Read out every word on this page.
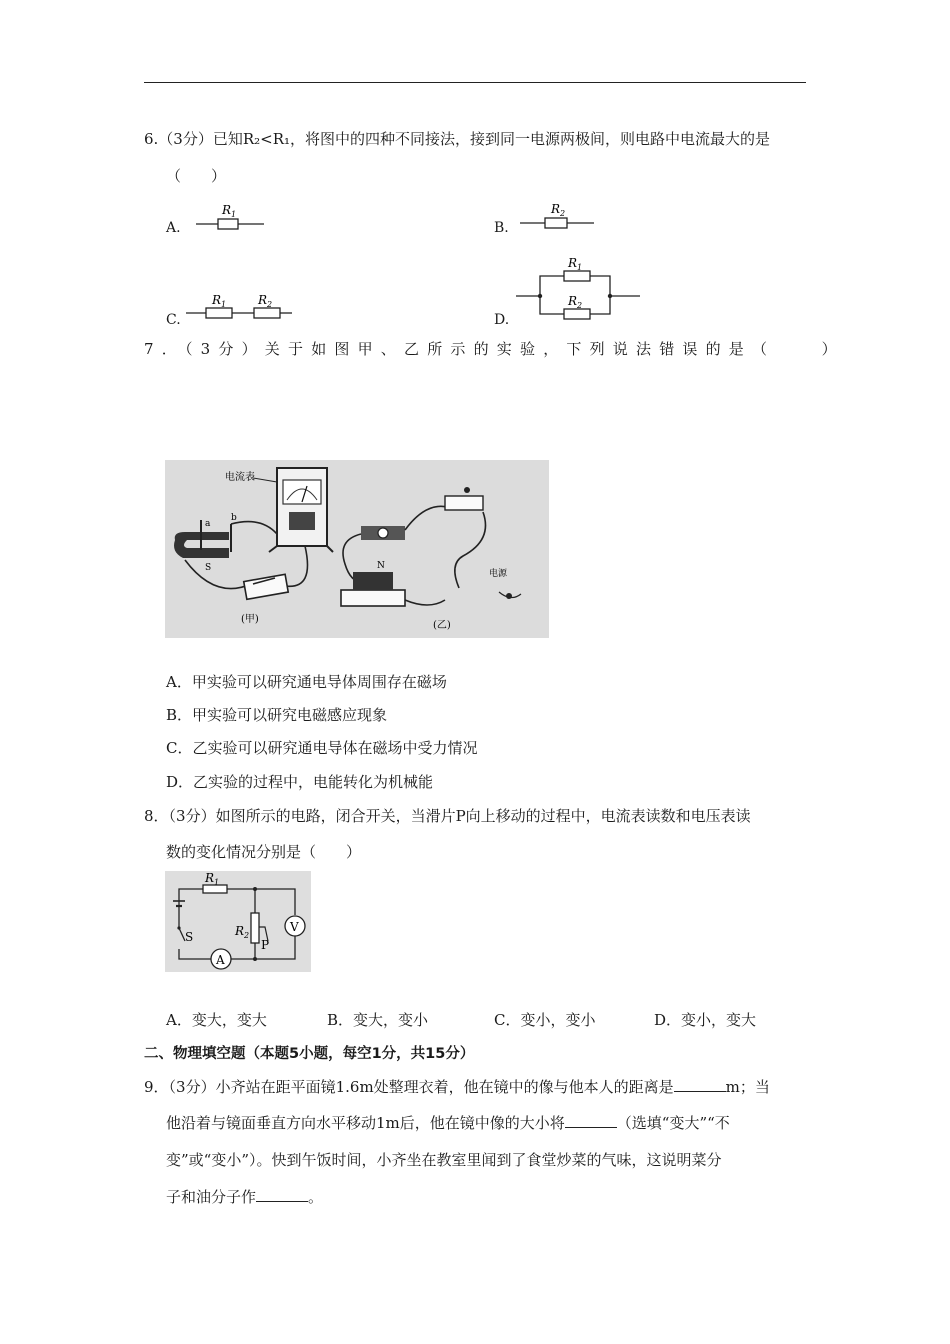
6.（3分）已知R₂<R₁，将图中的四种不同接法，接到同一电源两极间，则电路中电流最大的是
（　　）
A.
$R_1$
B.
$R_2$
C.
$R_1$	$R_2$
D.
$R_1$
$R_2$
7．（3分）关于如图甲、乙所示的实验，下列说法错误的是（　　）
电流表
a
b
S
(甲)
N
电源
(乙)
A．甲实验可以研究通电导体周围存在磁场
B．甲实验可以研究电磁感应现象
C．乙实验可以研究通电导体在磁场中受力情况
D．乙实验的过程中，电能转化为机械能
8．（3分）如图所示的电路，闭合开关，当滑片P向上移动的过程中，电流表读数和电压表读
数的变化情况分别是（　　）
$R_1$
$R_2$
P
V
A
S
A．变大，变大	B．变大，变小	C．变小，变小	D．变小，变大
二、物理填空题（本题5小题，每空1分，共15分）
9．（3分）小齐站在距平面镜1.6m处整理衣着，他在镜中的像与他本人的距离是	m；当
他沿着与镜面垂直方向水平移动1m后，他在镜中像的大小将	（选填“变大”“不
变”或“变小”）。快到午饭时间，小齐坐在教室里闻到了食堂炒菜的气味，这说明菜分
子和油分子作	。
